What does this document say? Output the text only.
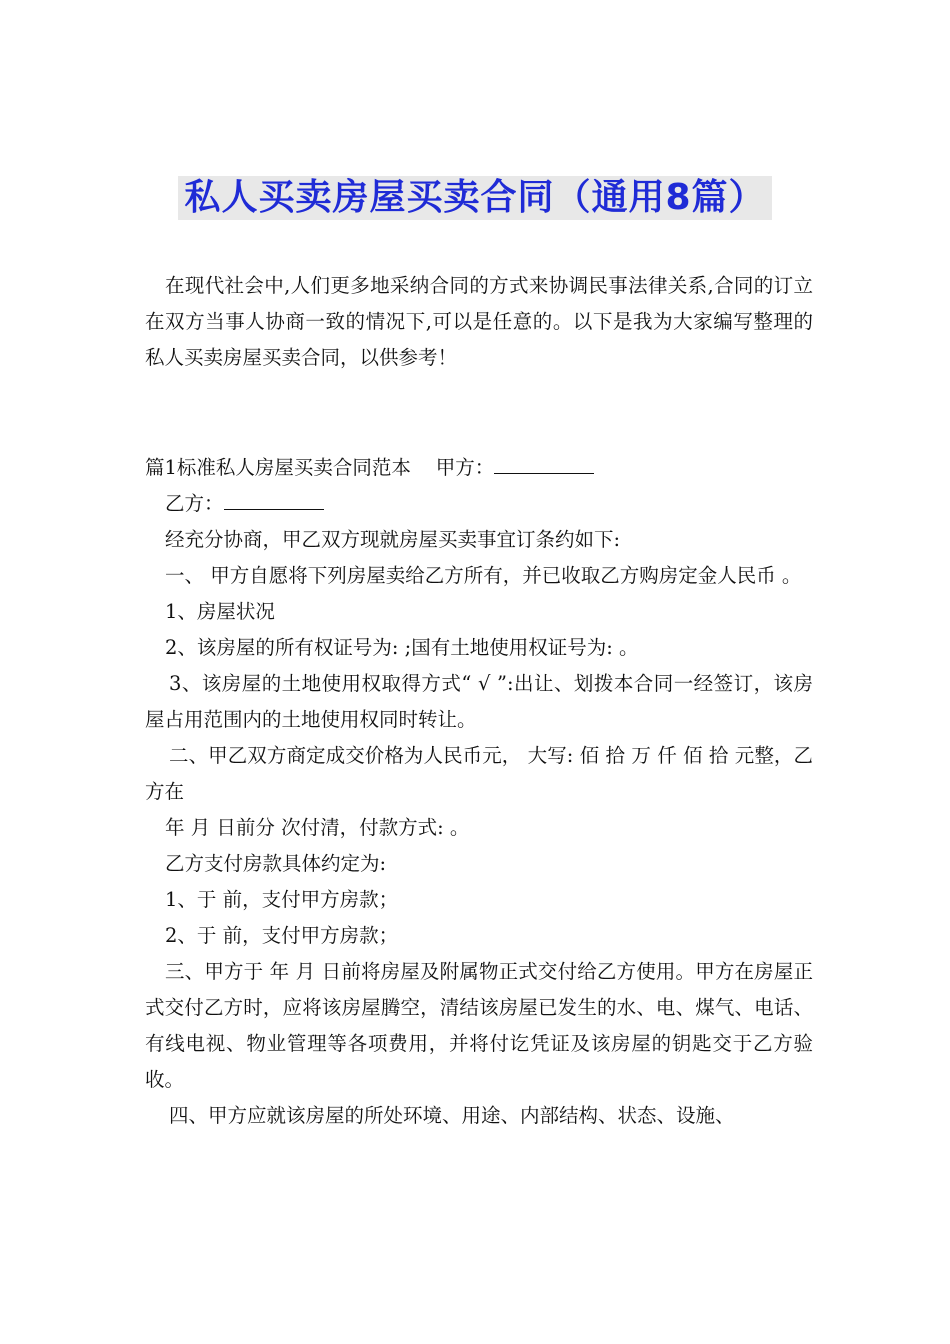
私人买卖房屋买卖合同（通用8篇）

在现代社会中,人们更多地采纳合同的方式来协调民事法律关系,合同的订立在双方当事人协商一致的情况下,可以是任意的。以下是我为大家编写整理的私人买卖房屋买卖合同，以供参考！

篇1标准私人房屋买卖合同范本 甲方：

乙方：

经充分协商，甲乙双方现就房屋买卖事宜订条约如下:

一、 甲方自愿将下列房屋卖给乙方所有，并已收取乙方购房定金人民币 。

1、房屋状况

2、该房屋的所有权证号为: ;国有土地使用权证号为: 。

3、该房屋的土地使用权取得方式“ √ ”:出让、划拨本合同一经签订，该房屋占用范围内的土地使用权同时转让。

二、甲乙双方商定成交价格为人民币元， 大写: 佰 拾 万 仟 佰 拾 元整，乙方在

年 月 日前分 次付清，付款方式: 。

乙方支付房款具体约定为:

1、于 前，支付甲方房款；

2、于 前，支付甲方房款；

三、甲方于 年 月 日前将房屋及附属物正式交付给乙方使用。甲方在房屋正式交付乙方时，应将该房屋腾空，清结该房屋已发生的水、电、煤气、电话、有线电视、物业管理等各项费用，并将付讫凭证及该房屋的钥匙交于乙方验收。

四、甲方应就该房屋的所处环境、用途、内部结构、状态、设施、
